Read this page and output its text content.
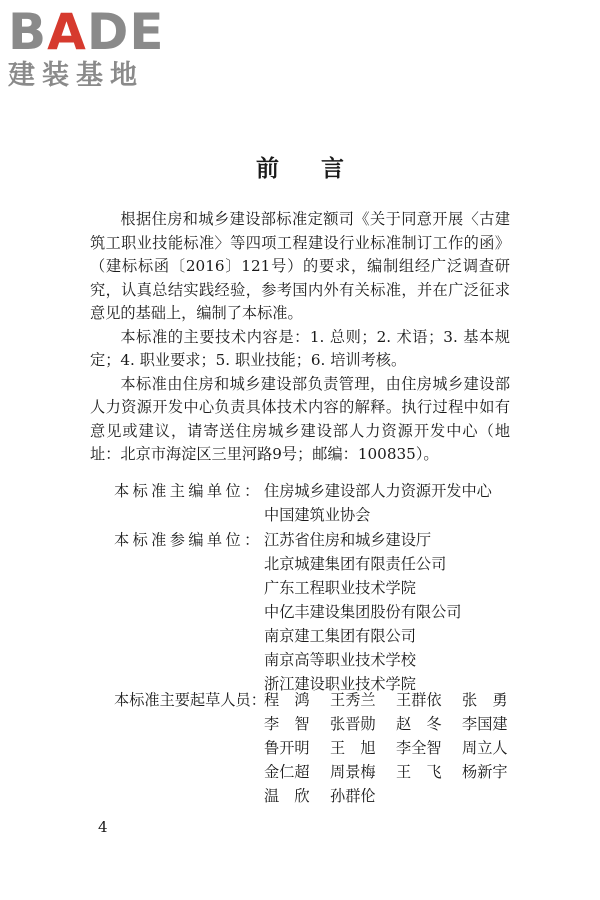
BADE
建装基地
前言

根据住房和城乡建设部标准定额司《关于同意开展〈古建筑工职业技能标准〉等四项工程建设行业标准制订工作的函》（建标标函〔2016〕121号）的要求，编制组经广泛调查研究，认真总结实践经验，参考国内外有关标准，并在广泛征求意见的基础上，编制了本标准。

本标准的主要技术内容是：1. 总则；2. 术语；3. 基本规定；4. 职业要求；5. 职业技能；6. 培训考核。

本标准由住房和城乡建设部负责管理，由住房城乡建设部人力资源开发中心负责具体技术内容的解释。执行过程中如有意见或建议，请寄送住房城乡建设部人力资源开发中心（地址：北京市海淀区三里河路9号；邮编：100835）。

本标准主编单位： 住房城乡建设部人力资源开发中心
中国建筑业协会
本标准参编单位： 江苏省住房和城乡建设厅
北京城建集团有限责任公司
广东工程职业技术学院
中亿丰建设集团股份有限公司
南京建工集团有限公司
南京高等职业技术学校
浙江建设职业技术学院
本标准主要起草人员：
程　鸿	王秀兰	王群依	张　勇
李　智	张晋勋	赵　冬	李国建
鲁开明	王　旭	李全智	周立人
金仁超	周景梅	王　飞	杨新宇
温　欣	孙群伦
4
